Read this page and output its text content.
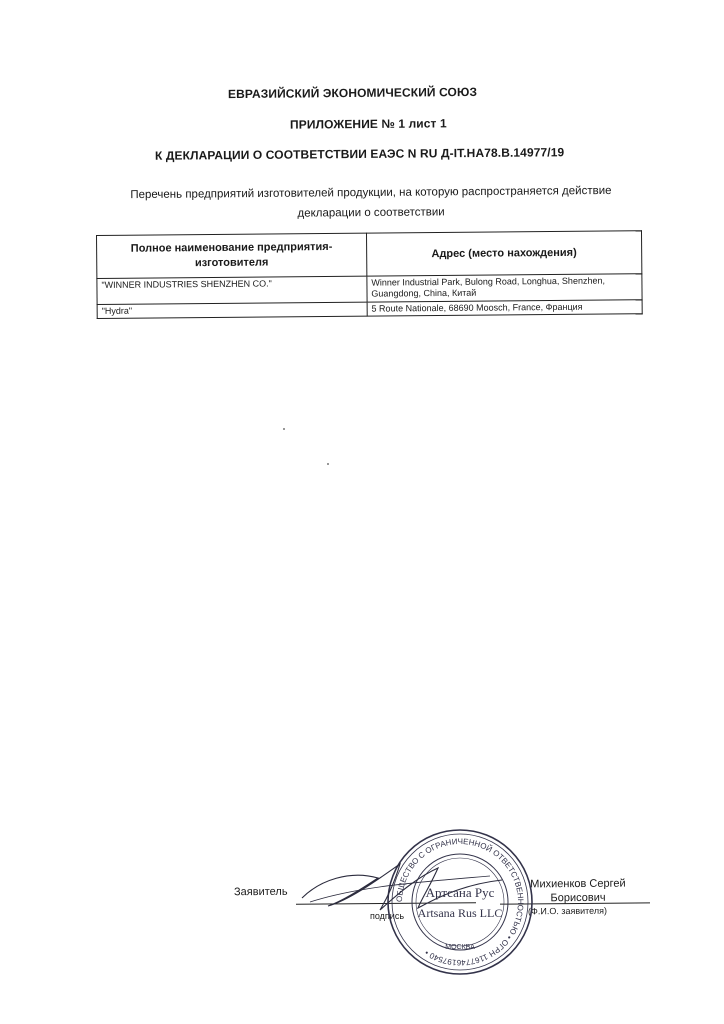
ЕВРАЗИЙСКИЙ ЭКОНОМИЧЕСКИЙ СОЮЗ
ПРИЛОЖЕНИЕ № 1 лист 1
К ДЕКЛАРАЦИИ О СООТВЕТСТВИИ ЕАЭС N RU Д-IT.НА78.В.14977/19
Перечень предприятий изготовителей продукции, на которую распространяется действие
декларации о соответствии
Полное наименование предприятия-
изготовителя	Адрес (место нахождения)
"WINNER INDUSTRIES SHENZHEN CO."	Winner Industrial Park, Bulong Road, Longhua, Shenzhen, Guangdong, China, Китай
"Hydra"	5 Route Nationale, 68690 Moosch, France, Франция
Заявитель
подпись
Михиенков Сергей
Борисович
(Ф.И.О. заявителя)
ОБЩЕСТВО С ОГРАНИЧЕННОЙ ОТВЕТСТВЕННОСТЬЮ • ОГРН 1167746197540 •
Артсана Рус
Artsana Rus LLC
МОСКВА
